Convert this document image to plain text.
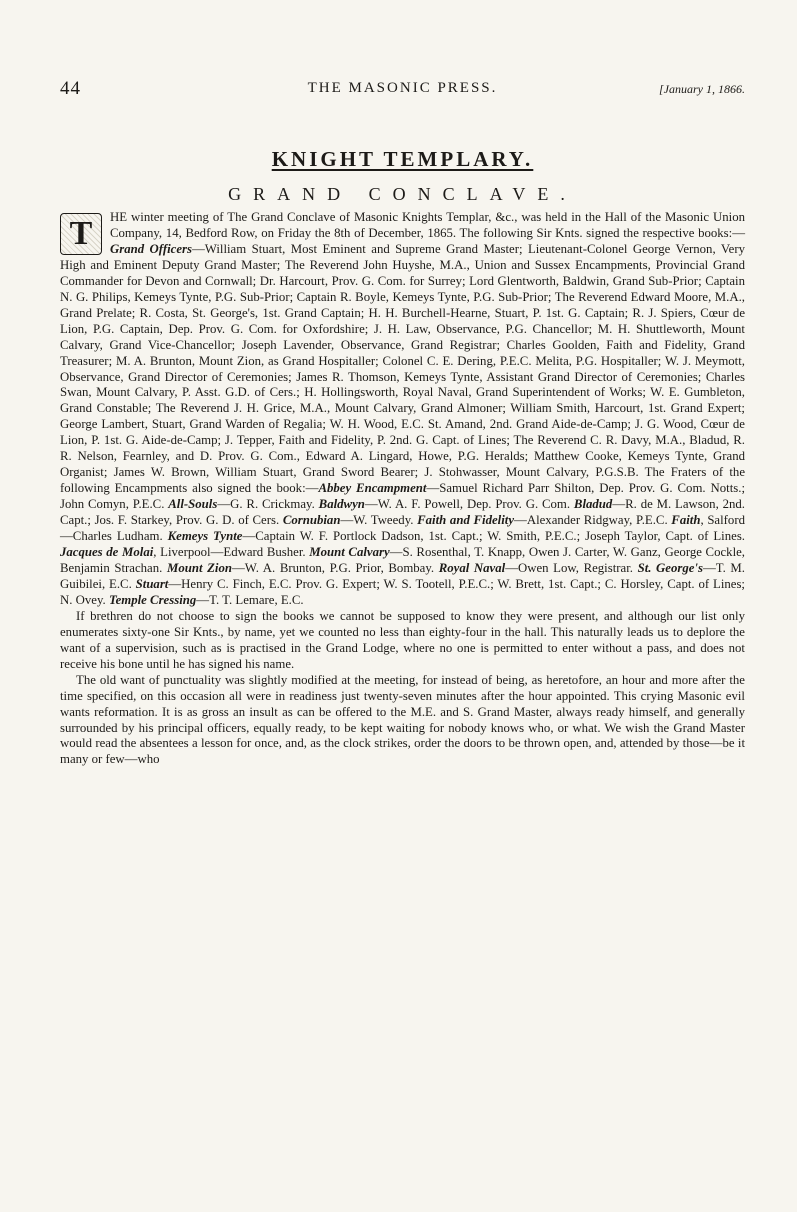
44	THE MASONIC PRESS.	[January 1, 1866.
KNIGHT TEMPLARY.
GRAND CONCLAVE.

T	HE winter meeting of The Grand Conclave of Masonic Knights Templar, &c., was held in the Hall of the Masonic Union Company, 14, Bedford Row, on Friday the 8th of December, 1865. The following Sir Knts. signed the respective books:—Grand Officers—William Stuart, Most Eminent and Supreme Grand Master; Lieutenant-Colonel George Vernon, Very High and Eminent Deputy Grand Master; The Reverend John Huyshe, M.A., Union and Sussex Encampments, Provincial Grand Commander for Devon and Cornwall; Dr. Harcourt, Prov. G. Com. for Surrey; Lord Glentworth, Baldwin, Grand Sub-Prior; Captain N. G. Philips, Kemeys Tynte, P.G. Sub-Prior; Captain R. Boyle, Kemeys Tynte, P.G. Sub-Prior; The Reverend Edward Moore, M.A., Grand Prelate; R. Costa, St. George's, 1st. Grand Captain; H. H. Burchell-Hearne, Stuart, P. 1st. G. Captain; R. J. Spiers, Cœur de Lion, P.G. Captain, Dep. Prov. G. Com. for Oxfordshire; J. H. Law, Observance, P.G. Chancellor; M. H. Shuttleworth, Mount Calvary, Grand Vice-Chancellor; Joseph Lavender, Observance, Grand Registrar; Charles Goolden, Faith and Fidelity, Grand Treasurer; M. A. Brunton, Mount Zion, as Grand Hospitaller; Colonel C. E. Dering, P.E.C. Melita, P.G. Hospitaller; W. J. Meymott, Observance, Grand Director of Ceremonies; James R. Thomson, Kemeys Tynte, Assistant Grand Director of Ceremonies; Charles Swan, Mount Calvary, P. Asst. G.D. of Cers.; H. Hollingsworth, Royal Naval, Grand Superintendent of Works; W. E. Gumbleton, Grand Constable; The Reverend J. H. Grice, M.A., Mount Calvary, Grand Almoner; William Smith, Harcourt, 1st. Grand Expert; George Lambert, Stuart, Grand Warden of Regalia; W. H. Wood, E.C. St. Amand, 2nd. Grand Aide-de-Camp; J. G. Wood, Cœur de Lion, P. 1st. G. Aide-de-Camp; J. Tepper, Faith and Fidelity, P. 2nd. G. Capt. of Lines; The Reverend C. R. Davy, M.A., Bladud, R. R. Nelson, Fearnley, and D. Prov. G. Com., Edward A. Lingard, Howe, P.G. Heralds; Matthew Cooke, Kemeys Tynte, Grand Organist; James W. Brown, William Stuart, Grand Sword Bearer; J. Stohwasser, Mount Calvary, P.G.S.B. The Fraters of the following Encampments also signed the book:—Abbey Encampment—Samuel Richard Parr Shilton, Dep. Prov. G. Com. Notts.; John Comyn, P.E.C. All-Souls—G. R. Crickmay. Baldwyn—W. A. F. Powell, Dep. Prov. G. Com. Bladud—R. de M. Lawson, 2nd. Capt.; Jos. F. Starkey, Prov. G. D. of Cers. Cornubian—W. Tweedy. Faith and Fidelity—Alexander Ridgway, P.E.C. Faith, Salford—Charles Ludham. Kemeys Tynte—Captain W. F. Portlock Dadson, 1st. Capt.; W. Smith, P.E.C.; Joseph Taylor, Capt. of Lines. Jacques de Molai, Liverpool—Edward Busher. Mount Calvary—S. Rosenthal, T. Knapp, Owen J. Carter, W. Ganz, George Cockle, Benjamin Strachan. Mount Zion—W. A. Brunton, P.G. Prior, Bombay. Royal Naval—Owen Low, Registrar. St. George's—T. M. Guibilei, E.C. Stuart—Henry C. Finch, E.C. Prov. G. Expert; W. S. Tootell, P.E.C.; W. Brett, 1st. Capt.; C. Horsley, Capt. of Lines; N. Ovey. Temple Cressing—T. T. Lemare, E.C.

If brethren do not choose to sign the books we cannot be supposed to know they were present, and although our list only enumerates sixty-one Sir Knts., by name, yet we counted no less than eighty-four in the hall. This naturally leads us to deplore the want of a supervision, such as is practised in the Grand Lodge, where no one is permitted to enter without a pass, and does not receive his bone until he has signed his name.

The old want of punctuality was slightly modified at the meeting, for instead of being, as heretofore, an hour and more after the time specified, on this occasion all were in readiness just twenty-seven minutes after the hour appointed. This crying Masonic evil wants reformation. It is as gross an insult as can be offered to the M.E. and S. Grand Master, always ready himself, and generally surrounded by his principal officers, equally ready, to be kept waiting for nobody knows who, or what. We wish the Grand Master would read the absentees a lesson for once, and, as the clock strikes, order the doors to be thrown open, and, attended by those—be it many or few—who
